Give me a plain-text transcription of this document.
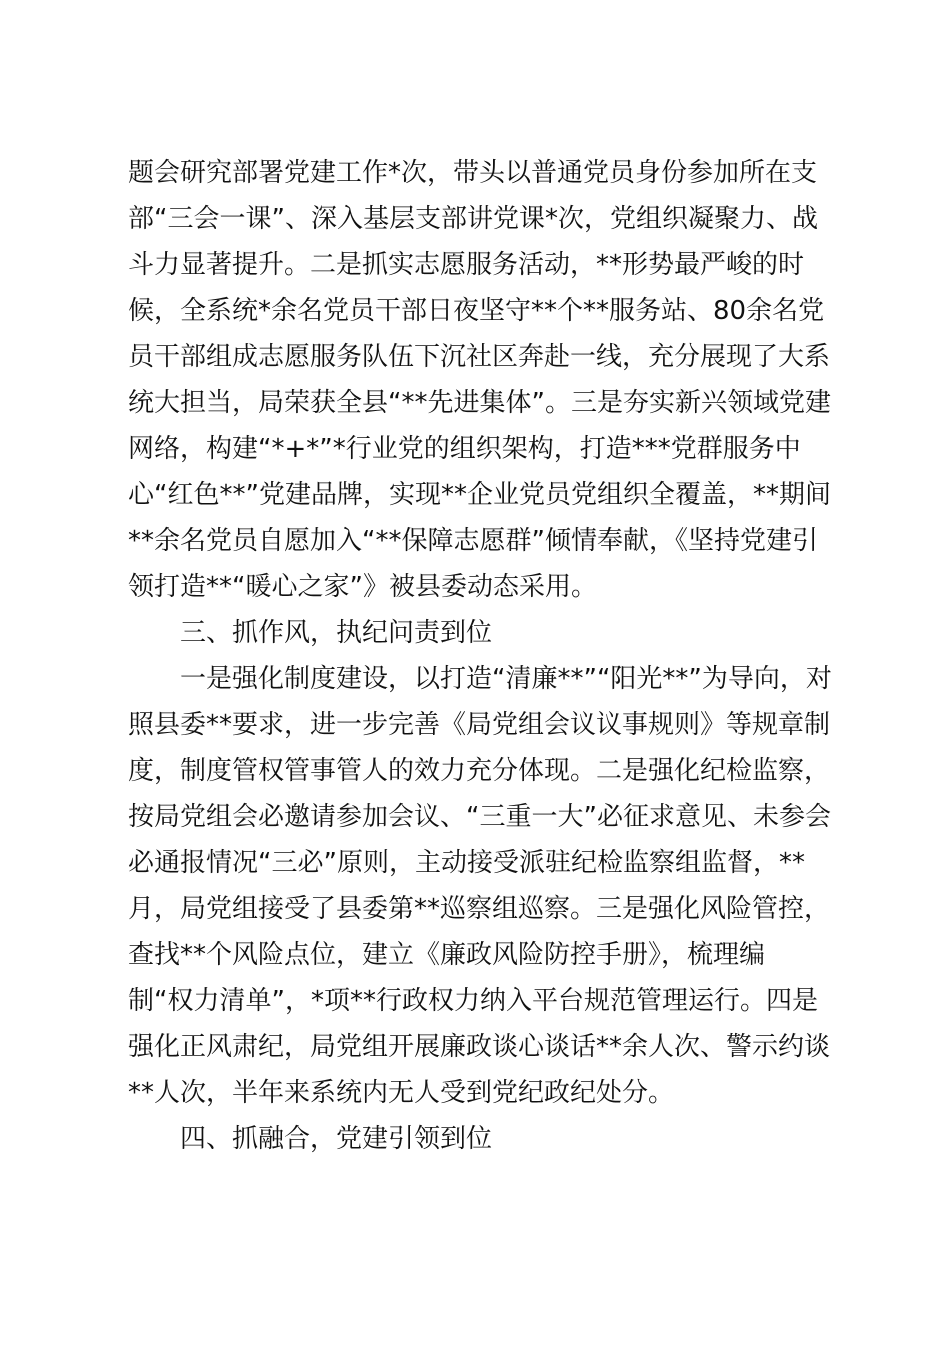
题会研究部署党建工作*次，带头以普通党员身份参加所在支
部“三会一课”、深入基层支部讲党课*次，党组织凝聚力、战
斗力显著提升。二是抓实志愿服务活动，**形势最严峻的时
候，全系统*余名党员干部日夜坚守**个**服务站、80余名党
员干部组成志愿服务队伍下沉社区奔赴一线，充分展现了大系
统大担当，局荣获全县“**先进集体”。三是夯实新兴领域党建
网络，构建“*+*”*行业党的组织架构，打造***党群服务中
心“红色**”党建品牌，实现**企业党员党组织全覆盖，**期间
**余名党员自愿加入“**保障志愿群”倾情奉献，《坚持党建引
领打造**“暖心之家”》被县委动态采用。
三、抓作风，执纪问责到位
一是强化制度建设，以打造“清廉**”“阳光**”为导向，对
照县委**要求，进一步完善《局党组会议议事规则》等规章制
度，制度管权管事管人的效力充分体现。二是强化纪检监察，
按局党组会必邀请参加会议、“三重一大”必征求意见、未参会
必通报情况“三必”原则，主动接受派驻纪检监察组监督，**
月，局党组接受了县委第**巡察组巡察。三是强化风险管控，
查找**个风险点位，建立《廉政风险防控手册》，梳理编
制“权力清单”，*项**行政权力纳入平台规范管理运行。四是
强化正风肃纪，局党组开展廉政谈心谈话**余人次、警示约谈
**人次，半年来系统内无人受到党纪政纪处分。
四、抓融合，党建引领到位
